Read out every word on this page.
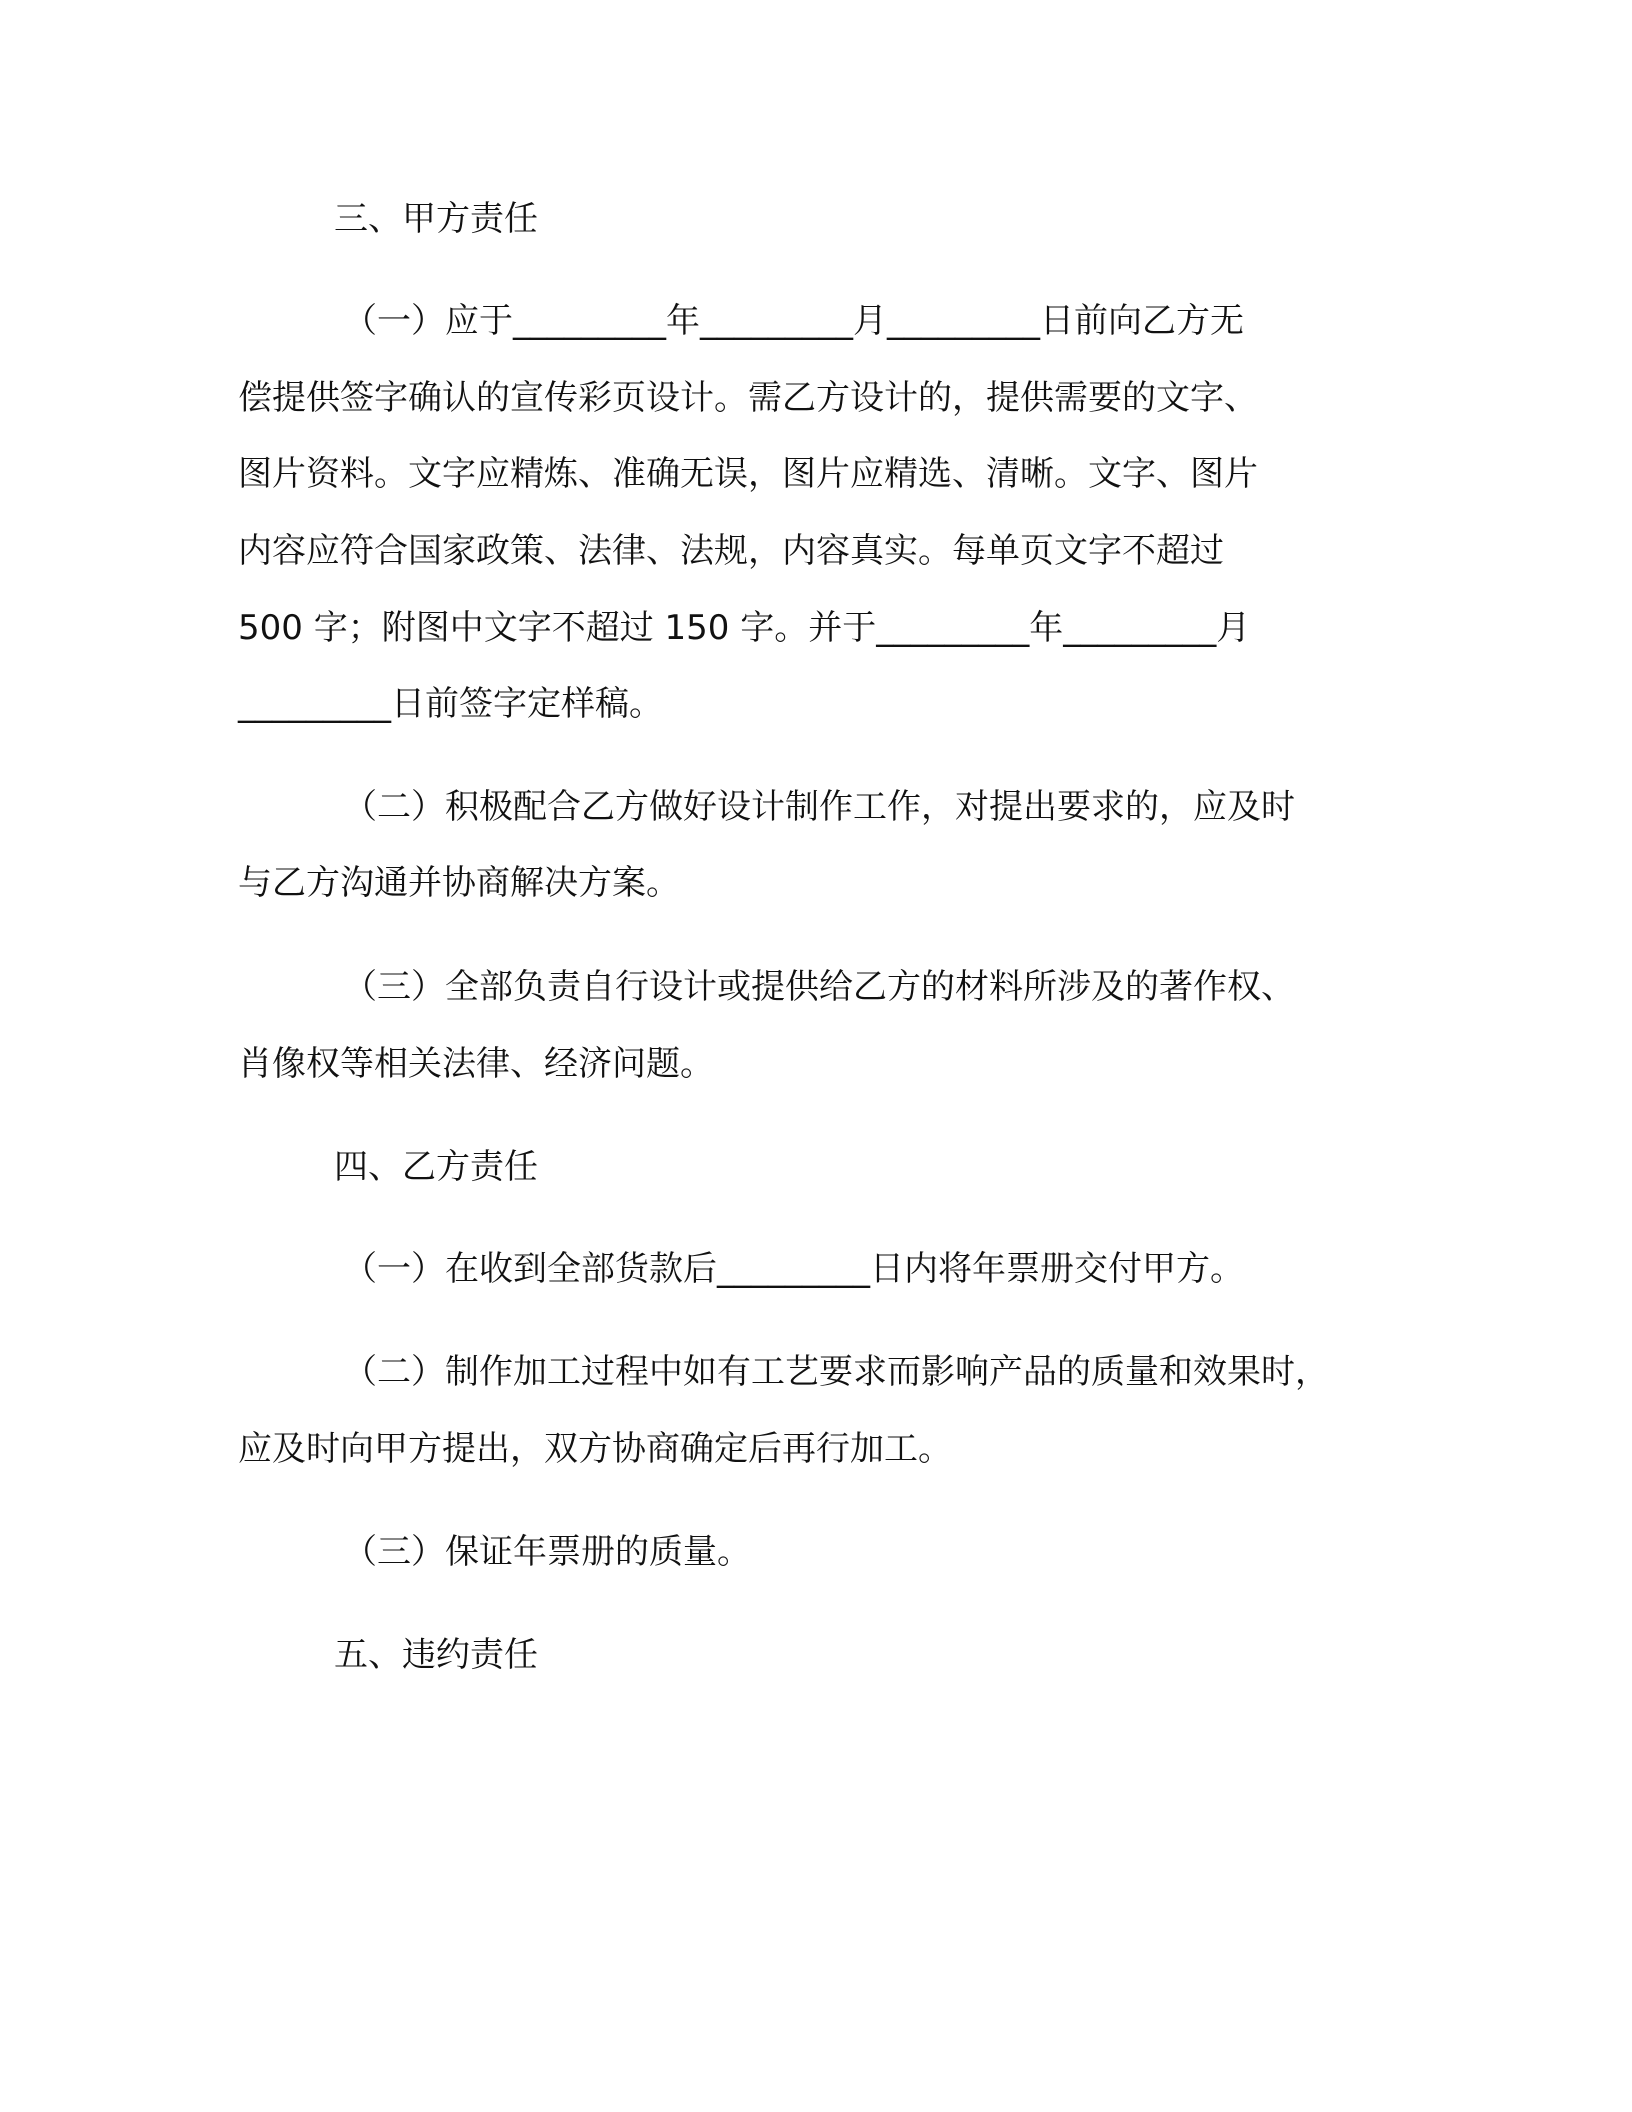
三、甲方责任
（一）应于_________年_________月_________日前向乙方无
偿提供签字确认的宣传彩页设计。需乙方设计的，提供需要的文字、
图片资料。文字应精炼、准确无误，图片应精选、清晰。文字、图片
内容应符合国家政策、法律、法规，内容真实。每单页文字不超过
500 字；附图中文字不超过 150 字。并于_________年_________月
_________日前签字定样稿。
（二）积极配合乙方做好设计制作工作，对提出要求的，应及时
与乙方沟通并协商解决方案。
（三）全部负责自行设计或提供给乙方的材料所涉及的著作权、
肖像权等相关法律、经济问题。
四、乙方责任
（一）在收到全部货款后_________日内将年票册交付甲方。
（二）制作加工过程中如有工艺要求而影响产品的质量和效果时，
应及时向甲方提出，双方协商确定后再行加工。
（三）保证年票册的质量。
五、违约责任
